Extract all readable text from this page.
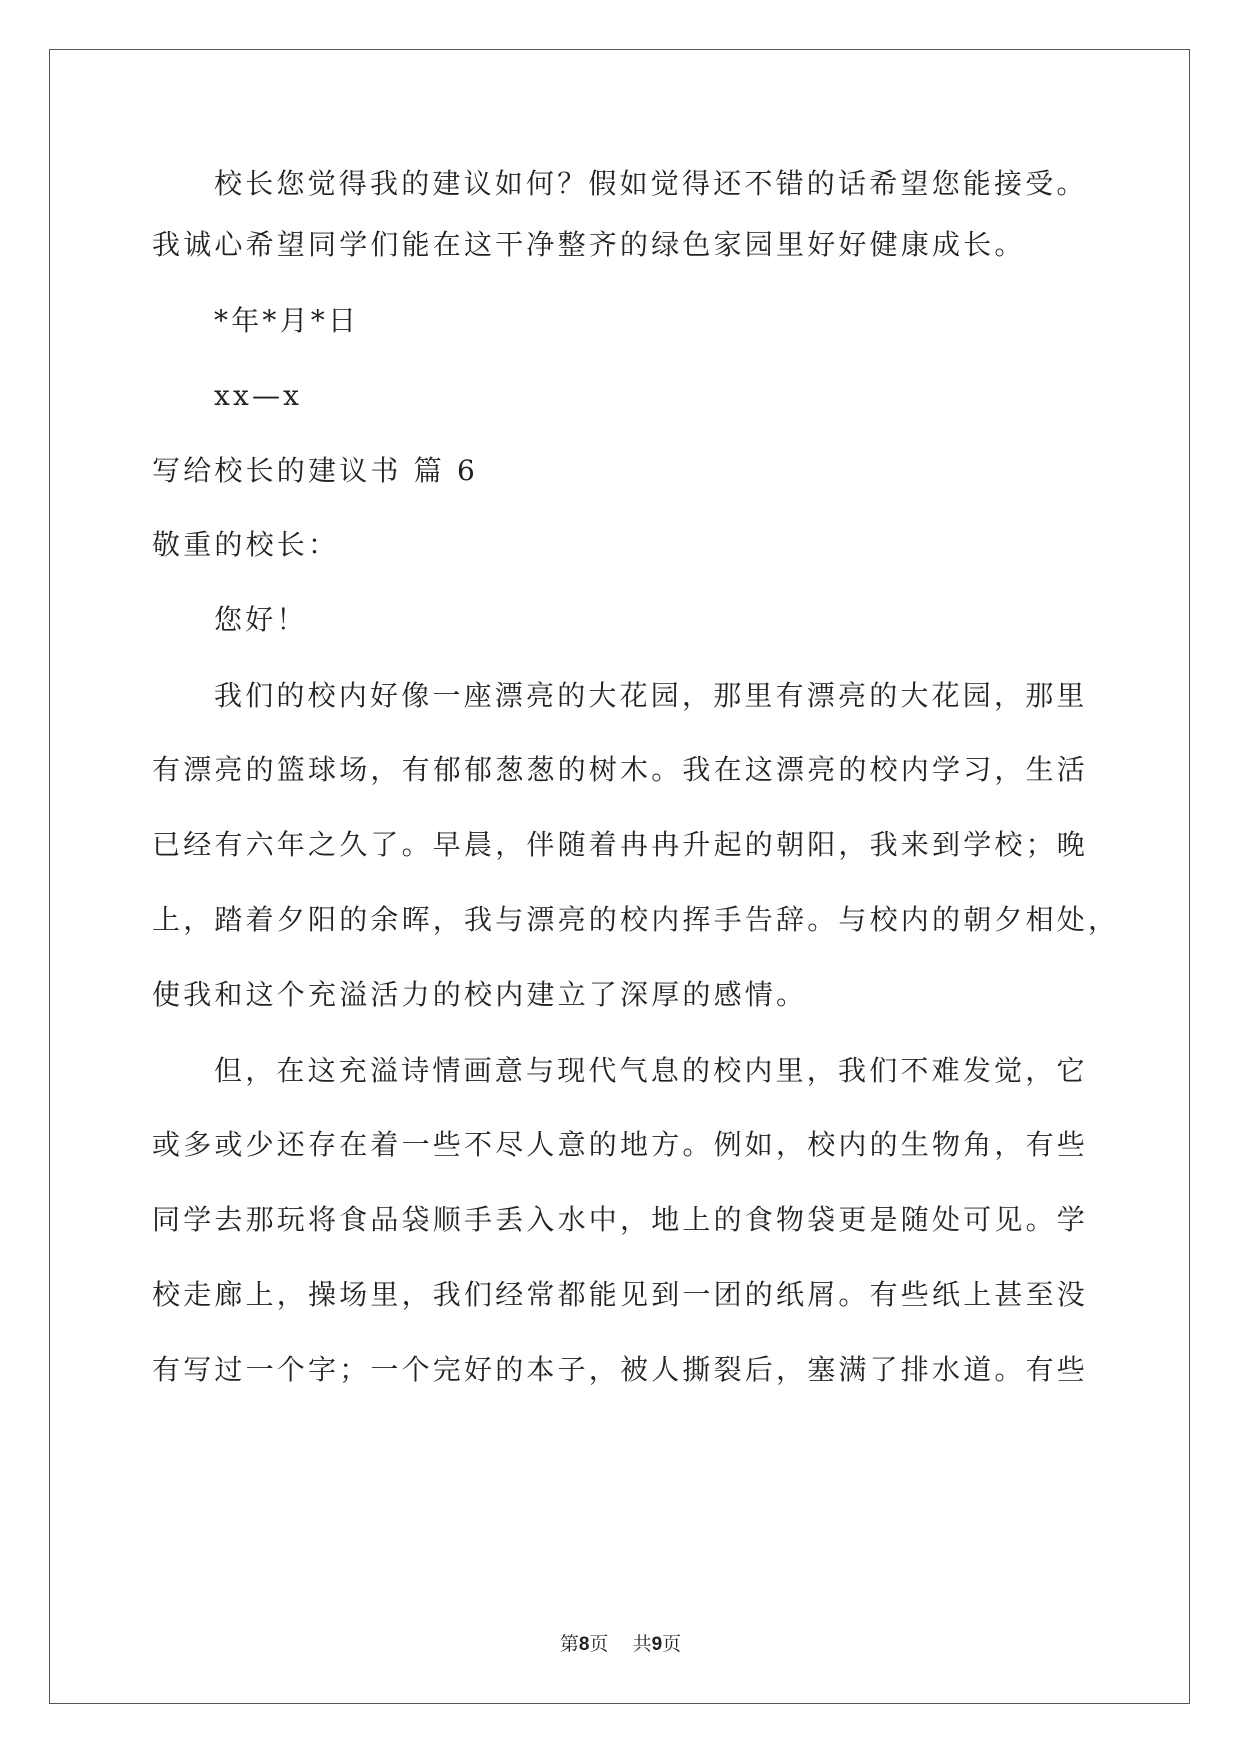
校长您觉得我的建议如何？假如觉得还不错的话希望您能接受。
我诚心希望同学们能在这干净整齐的绿色家园里好好健康成长。
*年*月*日
xx—x
写给校长的建议书 篇 6
敬重的校长：
您好！
我们的校内好像一座漂亮的大花园，那里有漂亮的大花园，那里
有漂亮的篮球场，有郁郁葱葱的树木。我在这漂亮的校内学习，生活
已经有六年之久了。早晨，伴随着冉冉升起的朝阳，我来到学校；晚
上，踏着夕阳的余晖，我与漂亮的校内挥手告辞。与校内的朝夕相处，
使我和这个充溢活力的校内建立了深厚的感情。
但，在这充溢诗情画意与现代气息的校内里，我们不难发觉，它
或多或少还存在着一些不尽人意的地方。例如，校内的生物角，有些
同学去那玩将食品袋顺手丢入水中，地上的食物袋更是随处可见。学
校走廊上，操场里，我们经常都能见到一团的纸屑。有些纸上甚至没
有写过一个字；一个完好的本子，被人撕裂后，塞满了排水道。有些
第8页    共9页
